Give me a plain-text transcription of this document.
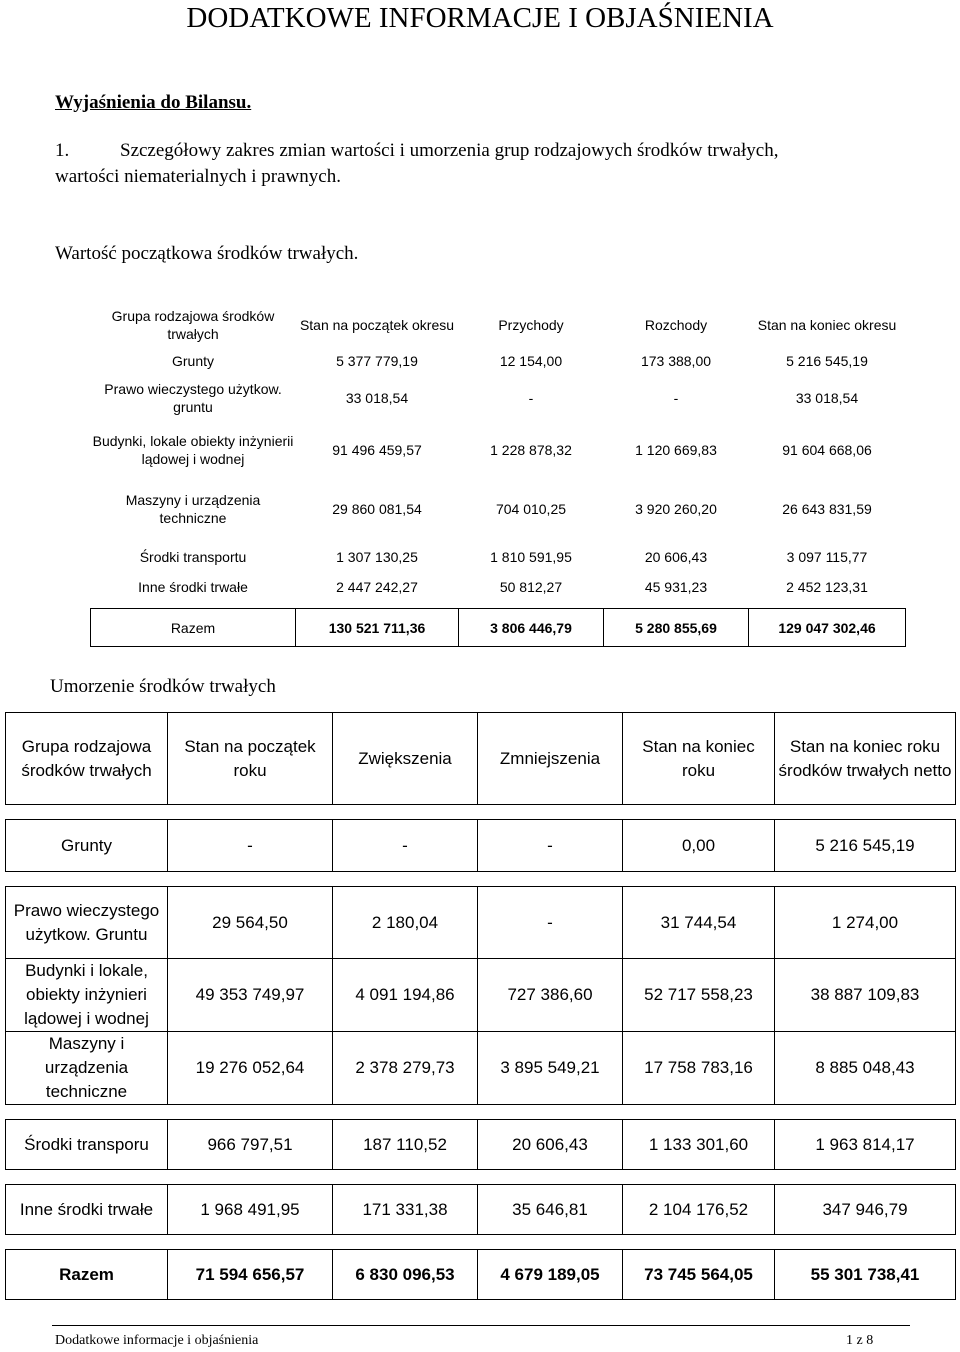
DODATKOWE INFORMACJE I OBJAŚNIENIA
Wyjaśnienia do Bilansu.
1.	Szczegółowy zakres zmian wartości i umorzenia grup rodzajowych środków trwałych,
wartości niematerialnych i prawnych.
Wartość początkowa środków trwałych.
Grupa rodzajowa środków trwałych	Stan na początek okresu	Przychody	Rozchody	Stan na koniec okresu
Grunty	5 377 779,19	12 154,00	173 388,00	5 216 545,19
Prawo wieczystego użytkow. gruntu	33 018,54	-	-	33 018,54
Budynki, lokale obiekty inżynierii lądowej i wodnej	91 496 459,57	1 228 878,32	1 120 669,83	91 604 668,06
Maszyny i urządzenia techniczne	29 860 081,54	704 010,25	3 920 260,20	26 643 831,59
Środki transportu	1 307 130,25	1 810 591,95	20 606,43	3 097 115,77
Inne środki trwałe	2 447 242,27	50 812,27	45 931,23	2 452 123,31

Razem	130 521 711,36	3 806 446,79	5 280 855,69	129 047 302,46
Umorzenie środków trwałych
Grupa rodzajowa środków trwałych	Stan na początek roku	Zwiększenia	Zmniejszenia	Stan na koniec roku	Stan na koniec roku środków trwałych netto

Grunty	-	-	-	0,00	5 216 545,19

Prawo wieczystego użytkow. Gruntu	29 564,50	2 180,04	-	31 744,54	1 274,00
Budynki i lokale, obiekty inżynieri lądowej i wodnej	49 353 749,97	4 091 194,86	727 386,60	52 717 558,23	38 887 109,83
Maszyny i urządzenia techniczne	19 276 052,64	2 378 279,73	3 895 549,21	17 758 783,16	8 885 048,43

Środki transporu	966 797,51	187 110,52	20 606,43	1 133 301,60	1 963 814,17

Inne środki trwałe	1 968 491,95	171 331,38	35 646,81	2 104 176,52	347 946,79

Razem	71 594 656,57	6 830 096,53	4 679 189,05	73 745 564,05	55 301 738,41
Dodatkowe informacje i objaśnienia	1 z 8
